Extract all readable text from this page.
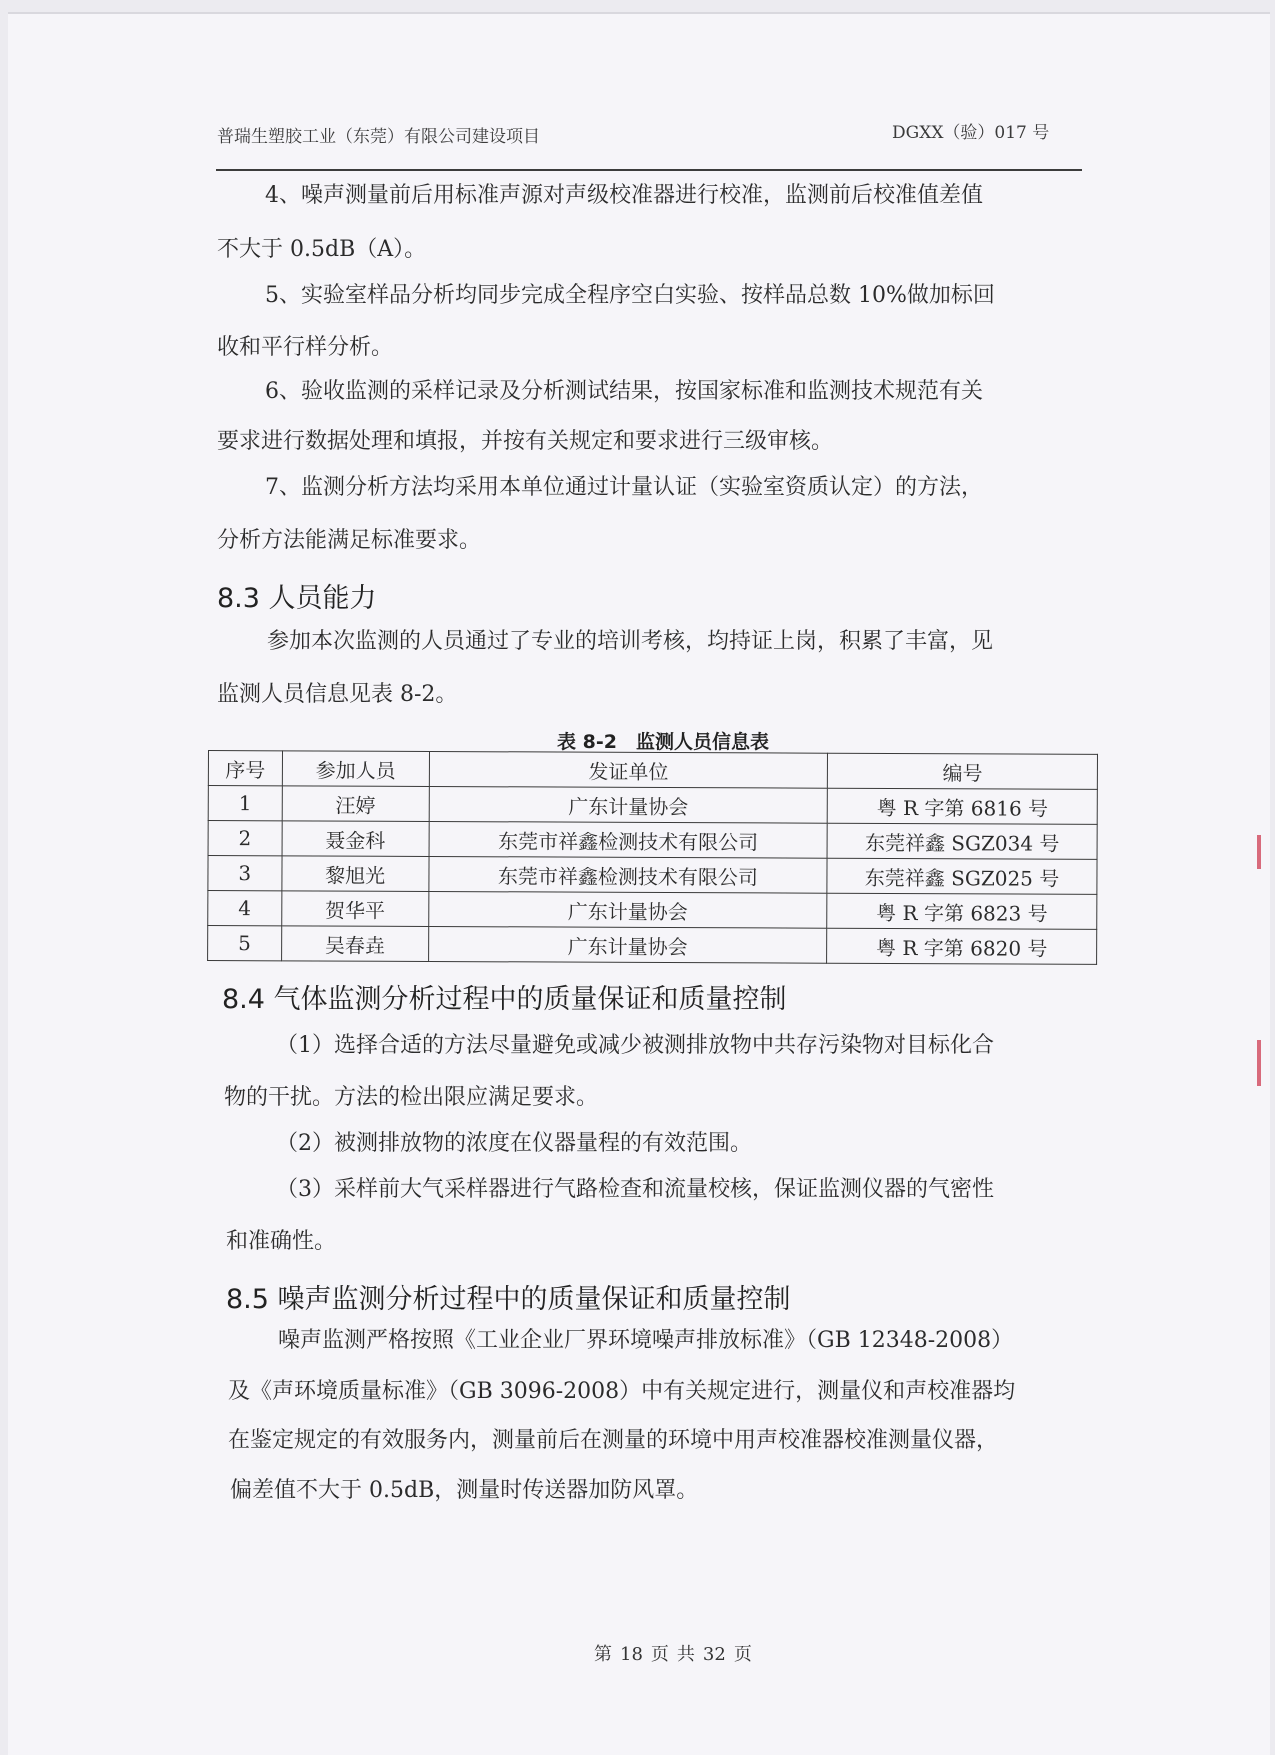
普瑞生塑胶工业（东莞）有限公司建设项目	DGXX（验）017 号
4、噪声测量前后用标准声源对声级校准器进行校准，监测前后校准值差值
不大于 0.5dB（A）。
5、实验室样品分析均同步完成全程序空白实验、按样品总数 10%做加标回
收和平行样分析。
6、验收监测的采样记录及分析测试结果，按国家标准和监测技术规范有关
要求进行数据处理和填报，并按有关规定和要求进行三级审核。
7、监测分析方法均采用本单位通过计量认证（实验室资质认定）的方法，
分析方法能满足标准要求。
8.3 人员能力
参加本次监测的人员通过了专业的培训考核，均持证上岗，积累了丰富，见
监测人员信息见表 8-2。
表 8-2　监测人员信息表
序号	参加人员	发证单位	编号
1	汪婷	广东计量协会	粤 R 字第 6816 号
2	聂金科	东莞市祥鑫检测技术有限公司	东莞祥鑫 SGZ034 号
3	黎旭光	东莞市祥鑫检测技术有限公司	东莞祥鑫 SGZ025 号
4	贺华平	广东计量协会	粤 R 字第 6823 号
5	吴春垚	广东计量协会	粤 R 字第 6820 号
8.4 气体监测分析过程中的质量保证和质量控制
（1）选择合适的方法尽量避免或减少被测排放物中共存污染物对目标化合
物的干扰。方法的检出限应满足要求。
（2）被测排放物的浓度在仪器量程的有效范围。
（3）采样前大气采样器进行气路检查和流量校核，保证监测仪器的气密性
和准确性。
8.5 噪声监测分析过程中的质量保证和质量控制
噪声监测严格按照《工业企业厂界环境噪声排放标准》（GB 12348-2008）
及《声环境质量标准》（GB 3096-2008）中有关规定进行，测量仪和声校准器均
在鉴定规定的有效服务内，测量前后在测量的环境中用声校准器校准测量仪器，
偏差值不大于 0.5dB，测量时传送器加防风罩。
第 18 页 共 32 页
